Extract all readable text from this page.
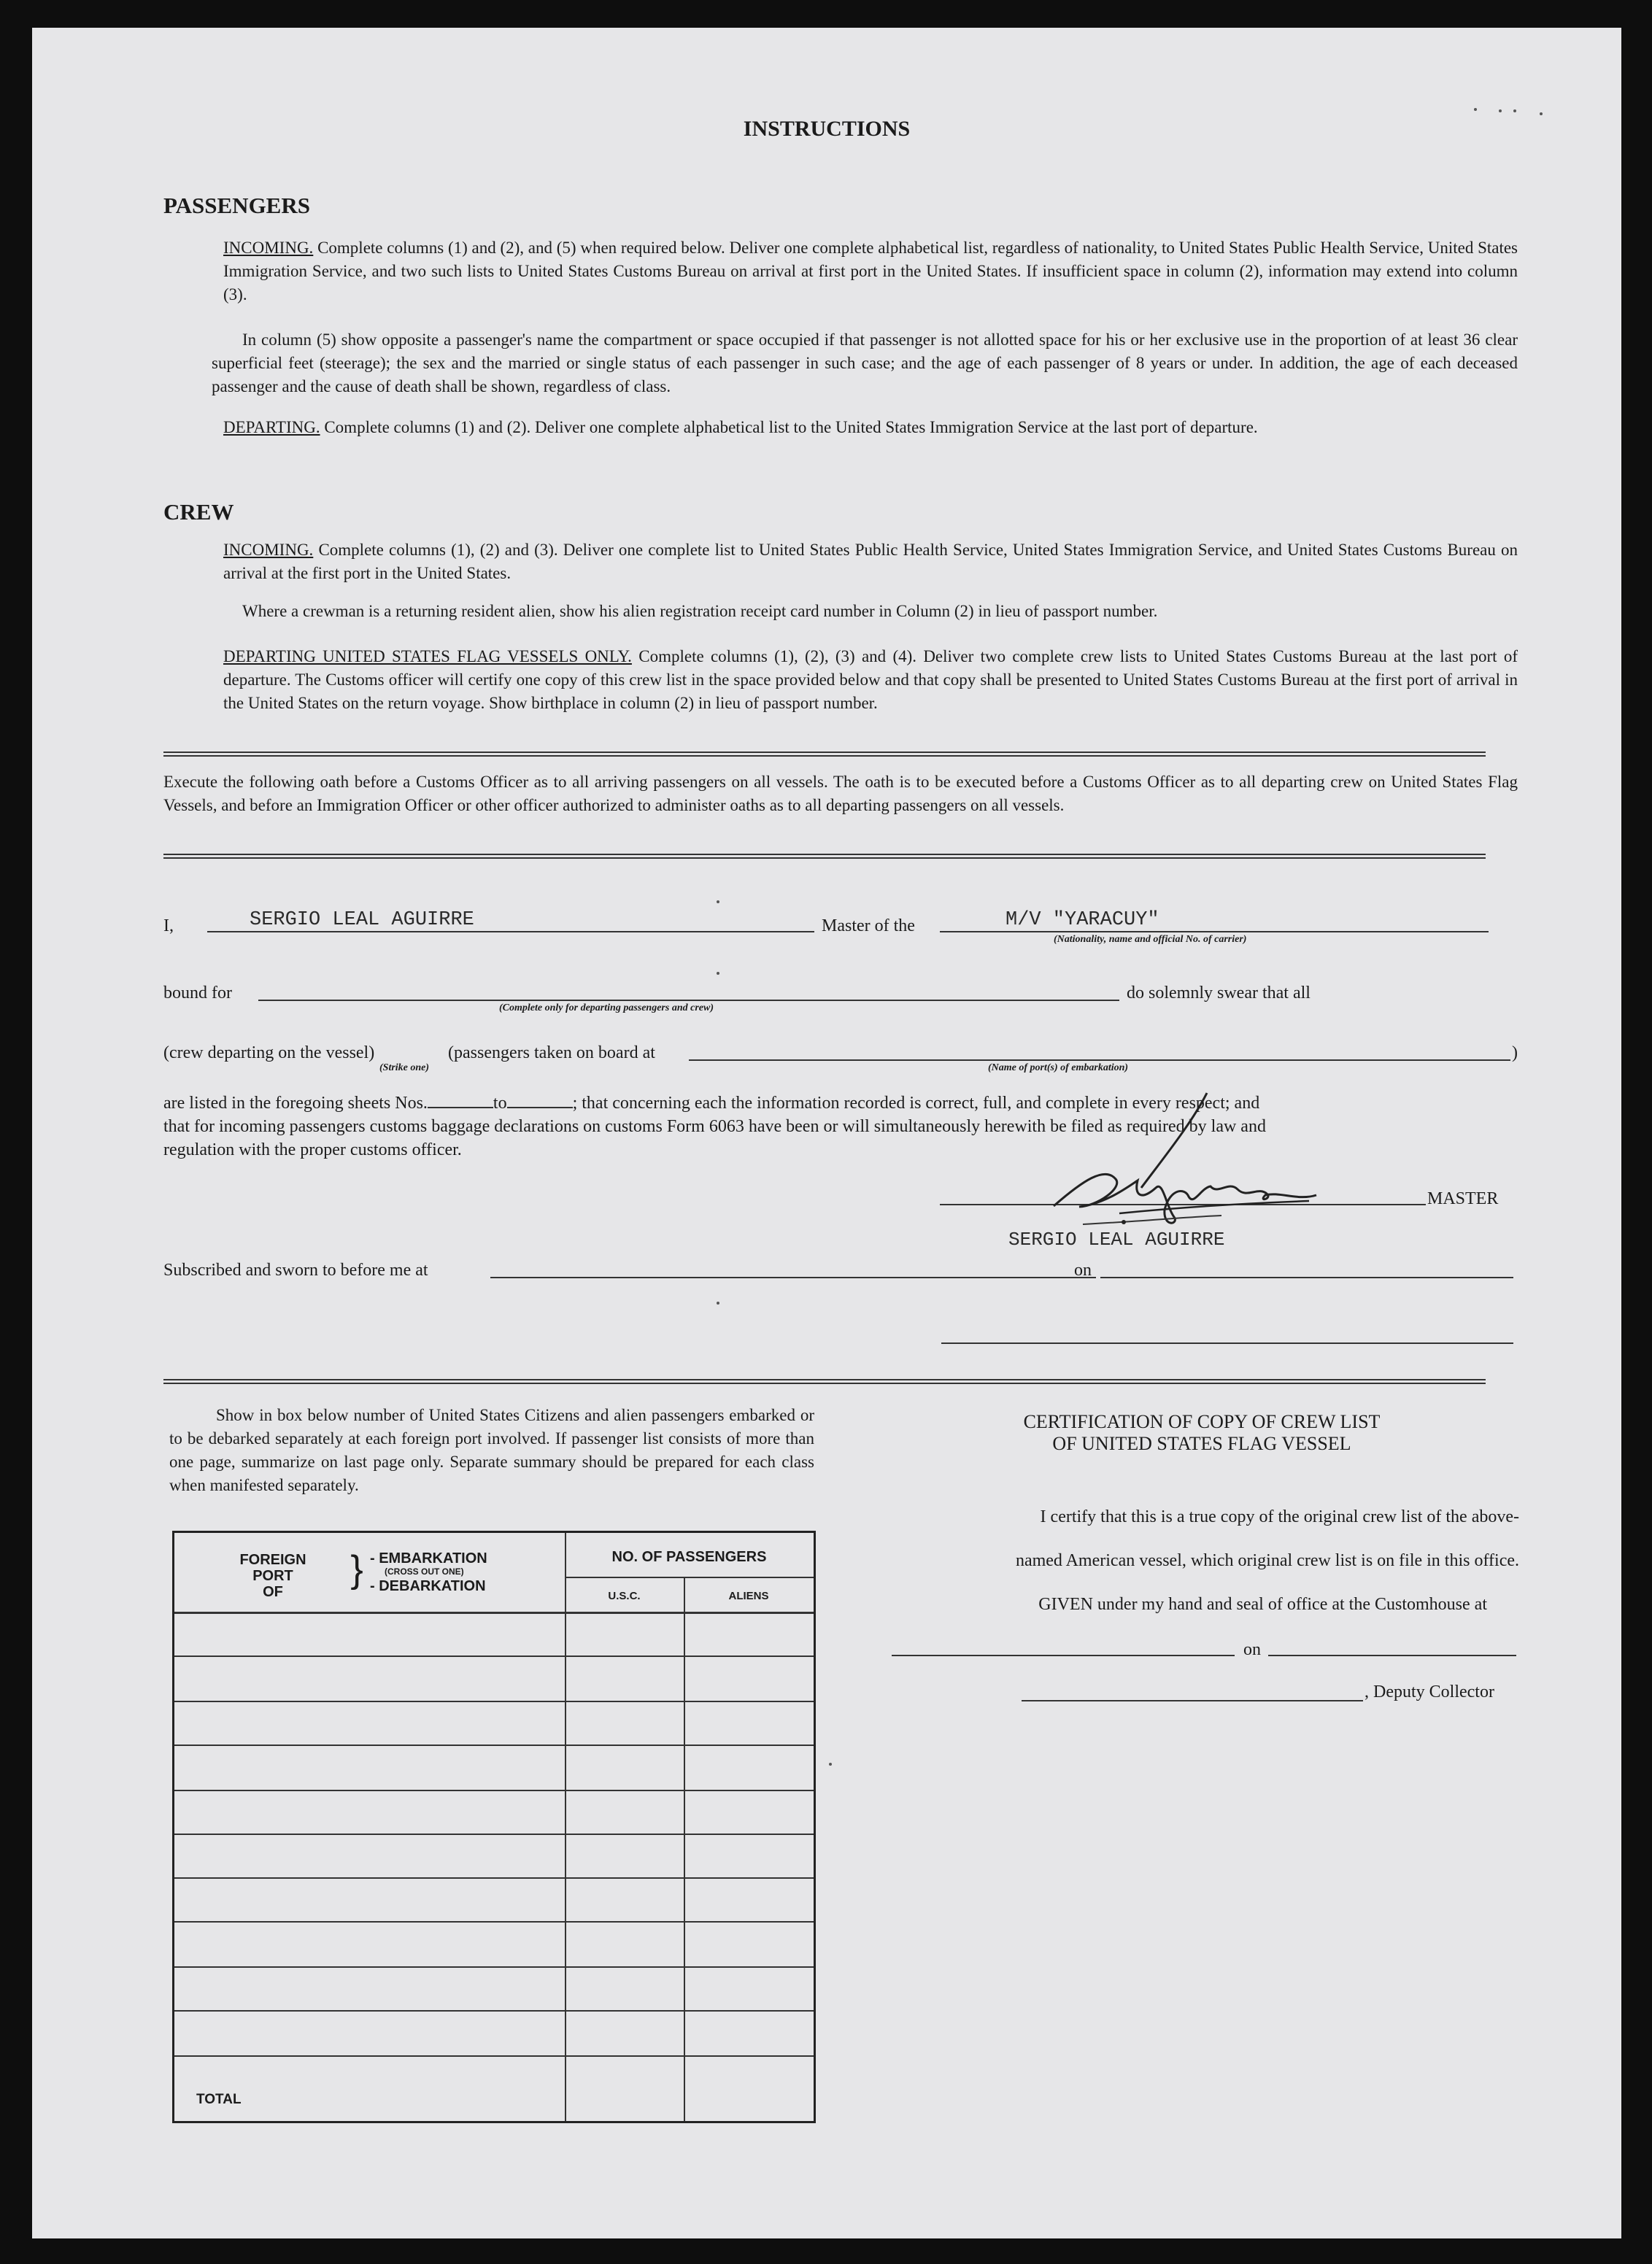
INSTRUCTIONS
PASSENGERS

INCOMING. Complete columns (1) and (2), and (5) when required below. Deliver one complete alphabetical list, regardless of nationality, to United States Public Health Service, United States Immigration Service, and two such lists to United States Customs Bureau on arrival at first port in the United States. If insufficient space in column (2), information may extend into column (3).

In column (5) show opposite a passenger's name the compartment or space occupied if that passenger is not allotted space for his or her exclusive use in the proportion of at least 36 clear superficial feet (steerage); the sex and the married or single status of each passenger in such case; and the age of each passenger of 8 years or under. In addition, the age of each deceased passenger and the cause of death shall be shown, regardless of class.

DEPARTING. Complete columns (1) and (2). Deliver one complete alphabetical list to the United States Immigration Service at the last port of departure.

CREW

INCOMING. Complete columns (1), (2) and (3). Deliver one complete list to United States Public Health Service, United States Immigration Service, and United States Customs Bureau on arrival at the first port in the United States.

Where a crewman is a returning resident alien, show his alien registration receipt card number in Column (2) in lieu of passport number.

DEPARTING UNITED STATES FLAG VESSELS ONLY. Complete columns (1), (2), (3) and (4). Deliver two complete crew lists to United States Customs Bureau at the last port of departure. The Customs officer will certify one copy of this crew list in the space provided below and that copy shall be presented to United States Customs Bureau at the first port of arrival in the United States on the return voyage. Show birthplace in column (2) in lieu of passport number.

Execute the following oath before a Customs Officer as to all arriving passengers on all vessels. The oath is to be executed before a Customs Officer as to all departing crew on United States Flag Vessels, and before an Immigration Officer or other officer authorized to administer oaths as to all departing passengers on all vessels.

I,	SERGIO LEAL AGUIRRE	Master of the	M/V "YARACUY"
(Nationality, name and official No. of carrier)
bound for
(Complete only for departing passengers and crew)
do solemnly swear that all
(crew departing on the vessel)	(passengers taken on board at	)
(Strike one)	(Name of port(s) of embarkation)
are listed in the foregoing sheets Nos.	to	; that concerning each the information recorded is correct, full, and complete in every respect; and
that for incoming passengers customs baggage declarations on customs Form 6063 have been or will simultaneously herewith be filed as required by law and
regulation with the proper customs officer.
MASTER
SERGIO LEAL AGUIRRE
Subscribed and sworn to before me at	on

Show in box below number of United States Citizens and alien passengers embarked or to be debarked separately at each foreign port involved. If passenger list consists of more than one page, summarize on last page only. Separate summary should be prepared for each class when manifested separately.

FOREIGN
PORT
OF
} - EMBARKATION
(CROSS OUT ONE)
- DEBARKATION
NO. OF PASSENGERS
U.S.C.	ALIENS
TOTAL
CERTIFICATION OF COPY OF CREW LIST
OF UNITED STATES FLAG VESSEL
I certify that this is a true copy of the original crew list of the above-
named American vessel, which original crew list is on file in this office.
GIVEN under my hand and seal of office at the Customhouse at
on
, Deputy Collector
